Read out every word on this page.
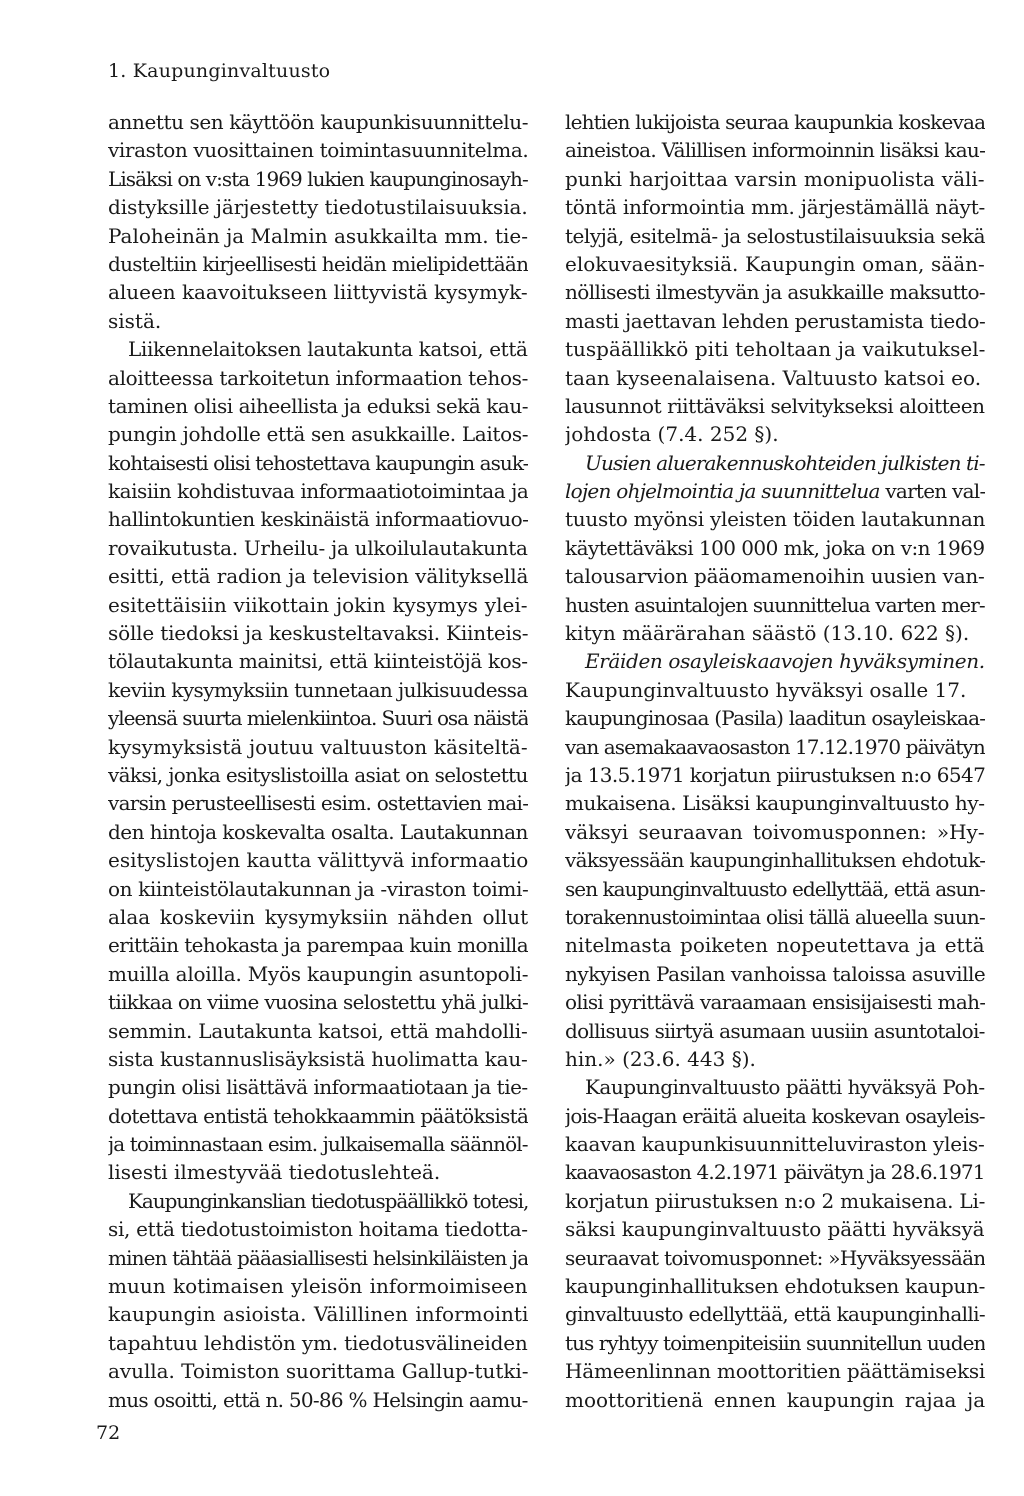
1. Kaupunginvaltuusto
annettu sen käyttöön kaupunkisuunnittelu-
viraston vuosittainen toimintasuunnitelma.
Lisäksi on v:sta 1969 lukien kaupunginosayh-
distyksille järjestetty tiedotustilaisuuksia.
Paloheinän ja Malmin asukkailta mm. tie-
dusteltiin kirjeellisesti heidän mielipidettään
alueen kaavoitukseen liittyvistä kysymyk-
sistä.
Liikennelaitoksen lautakunta katsoi, että
aloitteessa tarkoitetun informaation tehos-
taminen olisi aiheellista ja eduksi sekä kau-
pungin johdolle että sen asukkaille. Laitos-
kohtaisesti olisi tehostettava kaupungin asuk-
kaisiin kohdistuvaa informaatiotoimintaa ja
hallintokuntien keskinäistä informaatiovuo-
rovaikutusta. Urheilu- ja ulkoilulautakunta
esitti, että radion ja television välityksellä
esitettäisiin viikottain jokin kysymys ylei-
sölle tiedoksi ja keskusteltavaksi. Kiinteis-
tölautakunta mainitsi, että kiinteistöjä kos-
keviin kysymyksiin tunnetaan julkisuudessa
yleensä suurta mielenkiintoa. Suuri osa näistä
kysymyksistä joutuu valtuuston käsiteltä-
väksi, jonka esityslistoilla asiat on selostettu
varsin perusteellisesti esim. ostettavien mai-
den hintoja koskevalta osalta. Lautakunnan
esityslistojen kautta välittyvä informaatio
on kiinteistölautakunnan ja -viraston toimi-
alaa koskeviin kysymyksiin nähden ollut
erittäin tehokasta ja parempaa kuin monilla
muilla aloilla. Myös kaupungin asuntopoli-
tiikkaa on viime vuosina selostettu yhä julki-
semmin. Lautakunta katsoi, että mahdolli-
sista kustannuslisäyksistä huolimatta kau-
pungin olisi lisättävä informaatiotaan ja tie-
dotettava entistä tehokkaammin päätöksistä
ja toiminnastaan esim. julkaisemalla säännöl-
lisesti ilmestyvää tiedotuslehteä.
Kaupunginkanslian tiedotuspäällikkö totesi,
si, että tiedotustoimiston hoitama tiedotta-
minen tähtää pääasiallisesti helsinkiläisten ja
muun kotimaisen yleisön informoimiseen
kaupungin asioista. Välillinen informointi
tapahtuu lehdistön ym. tiedotusvälineiden
avulla. Toimiston suorittama Gallup-tutki-
mus osoitti, että n. 50-86 % Helsingin aamu-
lehtien lukijoista seuraa kaupunkia koskevaa
aineistoa. Välillisen informoinnin lisäksi kau-
punki harjoittaa varsin monipuolista väli-
töntä informointia mm. järjestämällä näyt-
telyjä, esitelmä- ja selostustilaisuuksia sekä
elokuvaesityksiä. Kaupungin oman, sään-
nöllisesti ilmestyvän ja asukkaille maksutto-
masti jaettavan lehden perustamista tiedo-
tuspäällikkö piti teholtaan ja vaikutuksel-
taan kyseenalaisena. Valtuusto katsoi eo.
lausunnot riittäväksi selvitykseksi aloitteen
johdosta (7.4. 252 §).
Uusien aluerakennuskohteiden julkisten ti-
lojen ohjelmointia ja suunnittelua varten val-
tuusto myönsi yleisten töiden lautakunnan
käytettäväksi 100 000 mk, joka on v:n 1969
talousarvion pääomamenoihin uusien van-
husten asuintalojen suunnittelua varten mer-
kityn määrärahan säästö (13.10. 622 §).
Eräiden osayleiskaavojen hyväksyminen.
Kaupunginvaltuusto hyväksyi osalle 17.
kaupunginosaa (Pasila) laaditun osayleiskaa-
van asemakaavaosaston 17.12.1970 päivätyn
ja 13.5.1971 korjatun piirustuksen n:o 6547
mukaisena. Lisäksi kaupunginvaltuusto hy-
väksyi seuraavan toivomusponnen: »Hy-
väksyessään kaupunginhallituksen ehdotuk-
sen kaupunginvaltuusto edellyttää, että asun-
torakennustoimintaa olisi tällä alueella suun-
nitelmasta poiketen nopeutettava ja että
nykyisen Pasilan vanhoissa taloissa asuville
olisi pyrittävä varaamaan ensisijaisesti mah-
dollisuus siirtyä asumaan uusiin asuntotaloi-
hin.» (23.6. 443 §).
Kaupunginvaltuusto päätti hyväksyä Poh-
jois-Haagan eräitä alueita koskevan osayleis-
kaavan kaupunkisuunnitteluviraston yleis-
kaavaosaston 4.2.1971 päivätyn ja 28.6.1971
korjatun piirustuksen n:o 2 mukaisena. Li-
säksi kaupunginvaltuusto päätti hyväksyä
seuraavat toivomusponnet: »Hyväksyessään
kaupunginhallituksen ehdotuksen kaupun-
ginvaltuusto edellyttää, että kaupunginhalli-
tus ryhtyy toimenpiteisiin suunnitellun uuden
Hämeenlinnan moottoritien päättämiseksi
moottoritienä ennen kaupungin rajaa ja
72
